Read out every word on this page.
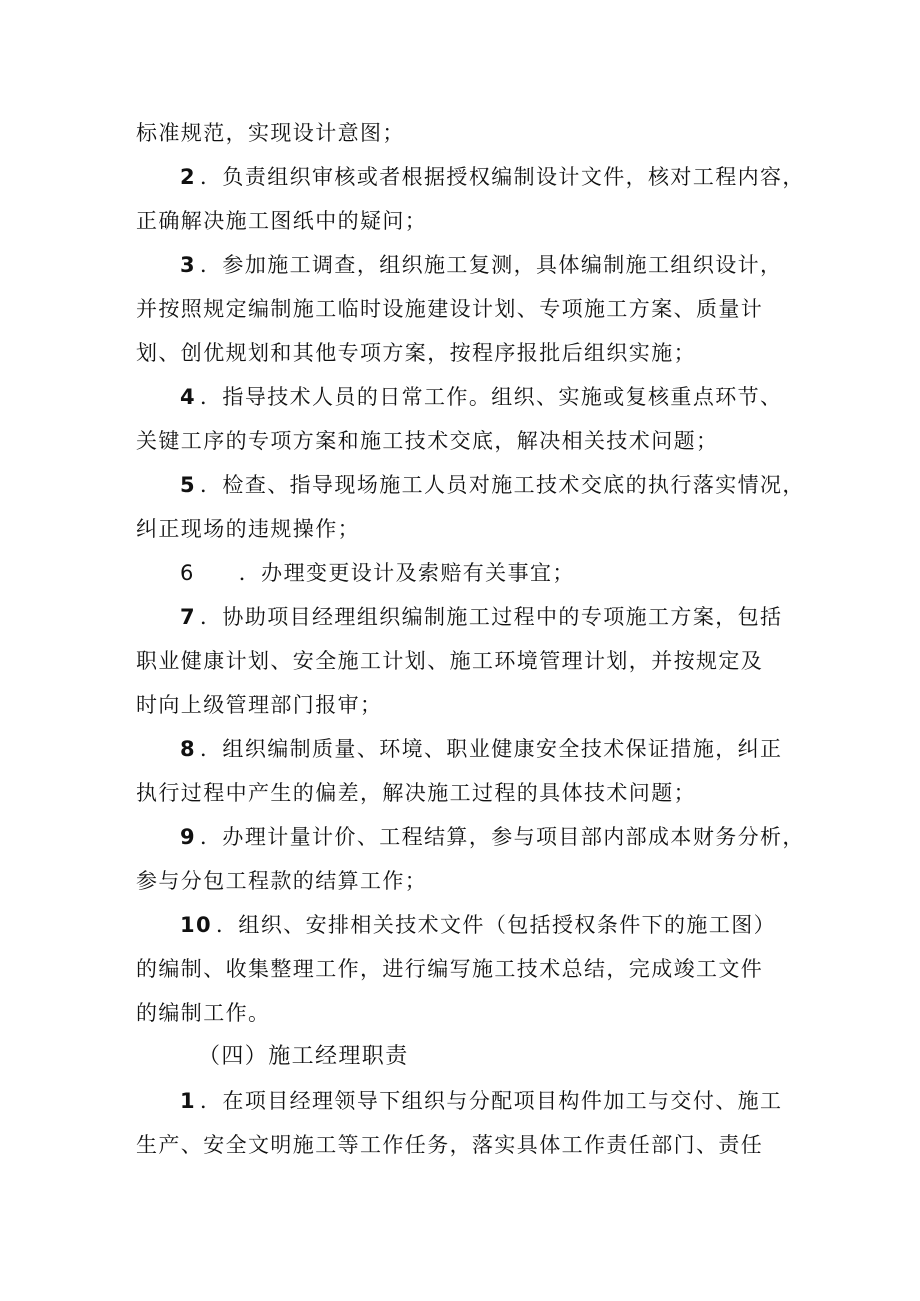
标准规范，实现设计意图；
2 ．负责组织审核或者根据授权编制设计文件，核对工程内容，
正确解决施工图纸中的疑问；
3 ．参加施工调查，组织施工复测，具体编制施工组织设计，
并按照规定编制施工临时设施建设计划、专项施工方案、质量计
划、创优规划和其他专项方案，按程序报批后组织实施；
4 ．指导技术人员的日常工作。组织、实施或复核重点环节、
关键工序的专项方案和施工技术交底，解决相关技术问题；
5 ．检查、指导现场施工人员对施工技术交底的执行落实情况，
纠正现场的违规操作；
6 ．办理变更设计及索赔有关事宜；
7 ．协助项目经理组织编制施工过程中的专项施工方案，包括
职业健康计划、安全施工计划、施工环境管理计划，并按规定及
时向上级管理部门报审；
8 ．组织编制质量、环境、职业健康安全技术保证措施，纠正
执行过程中产生的偏差，解决施工过程的具体技术问题；
9 ．办理计量计价、工程结算，参与项目部内部成本财务分析，
参与分包工程款的结算工作；
10 ．组织、安排相关技术文件（包括授权条件下的施工图）
的编制、收集整理工作，进行编写施工技术总结，完成竣工文件
的编制工作。
（四）施工经理职责
1 ．在项目经理领导下组织与分配项目构件加工与交付、施工
生产、安全文明施工等工作任务，落实具体工作责任部门、责任
